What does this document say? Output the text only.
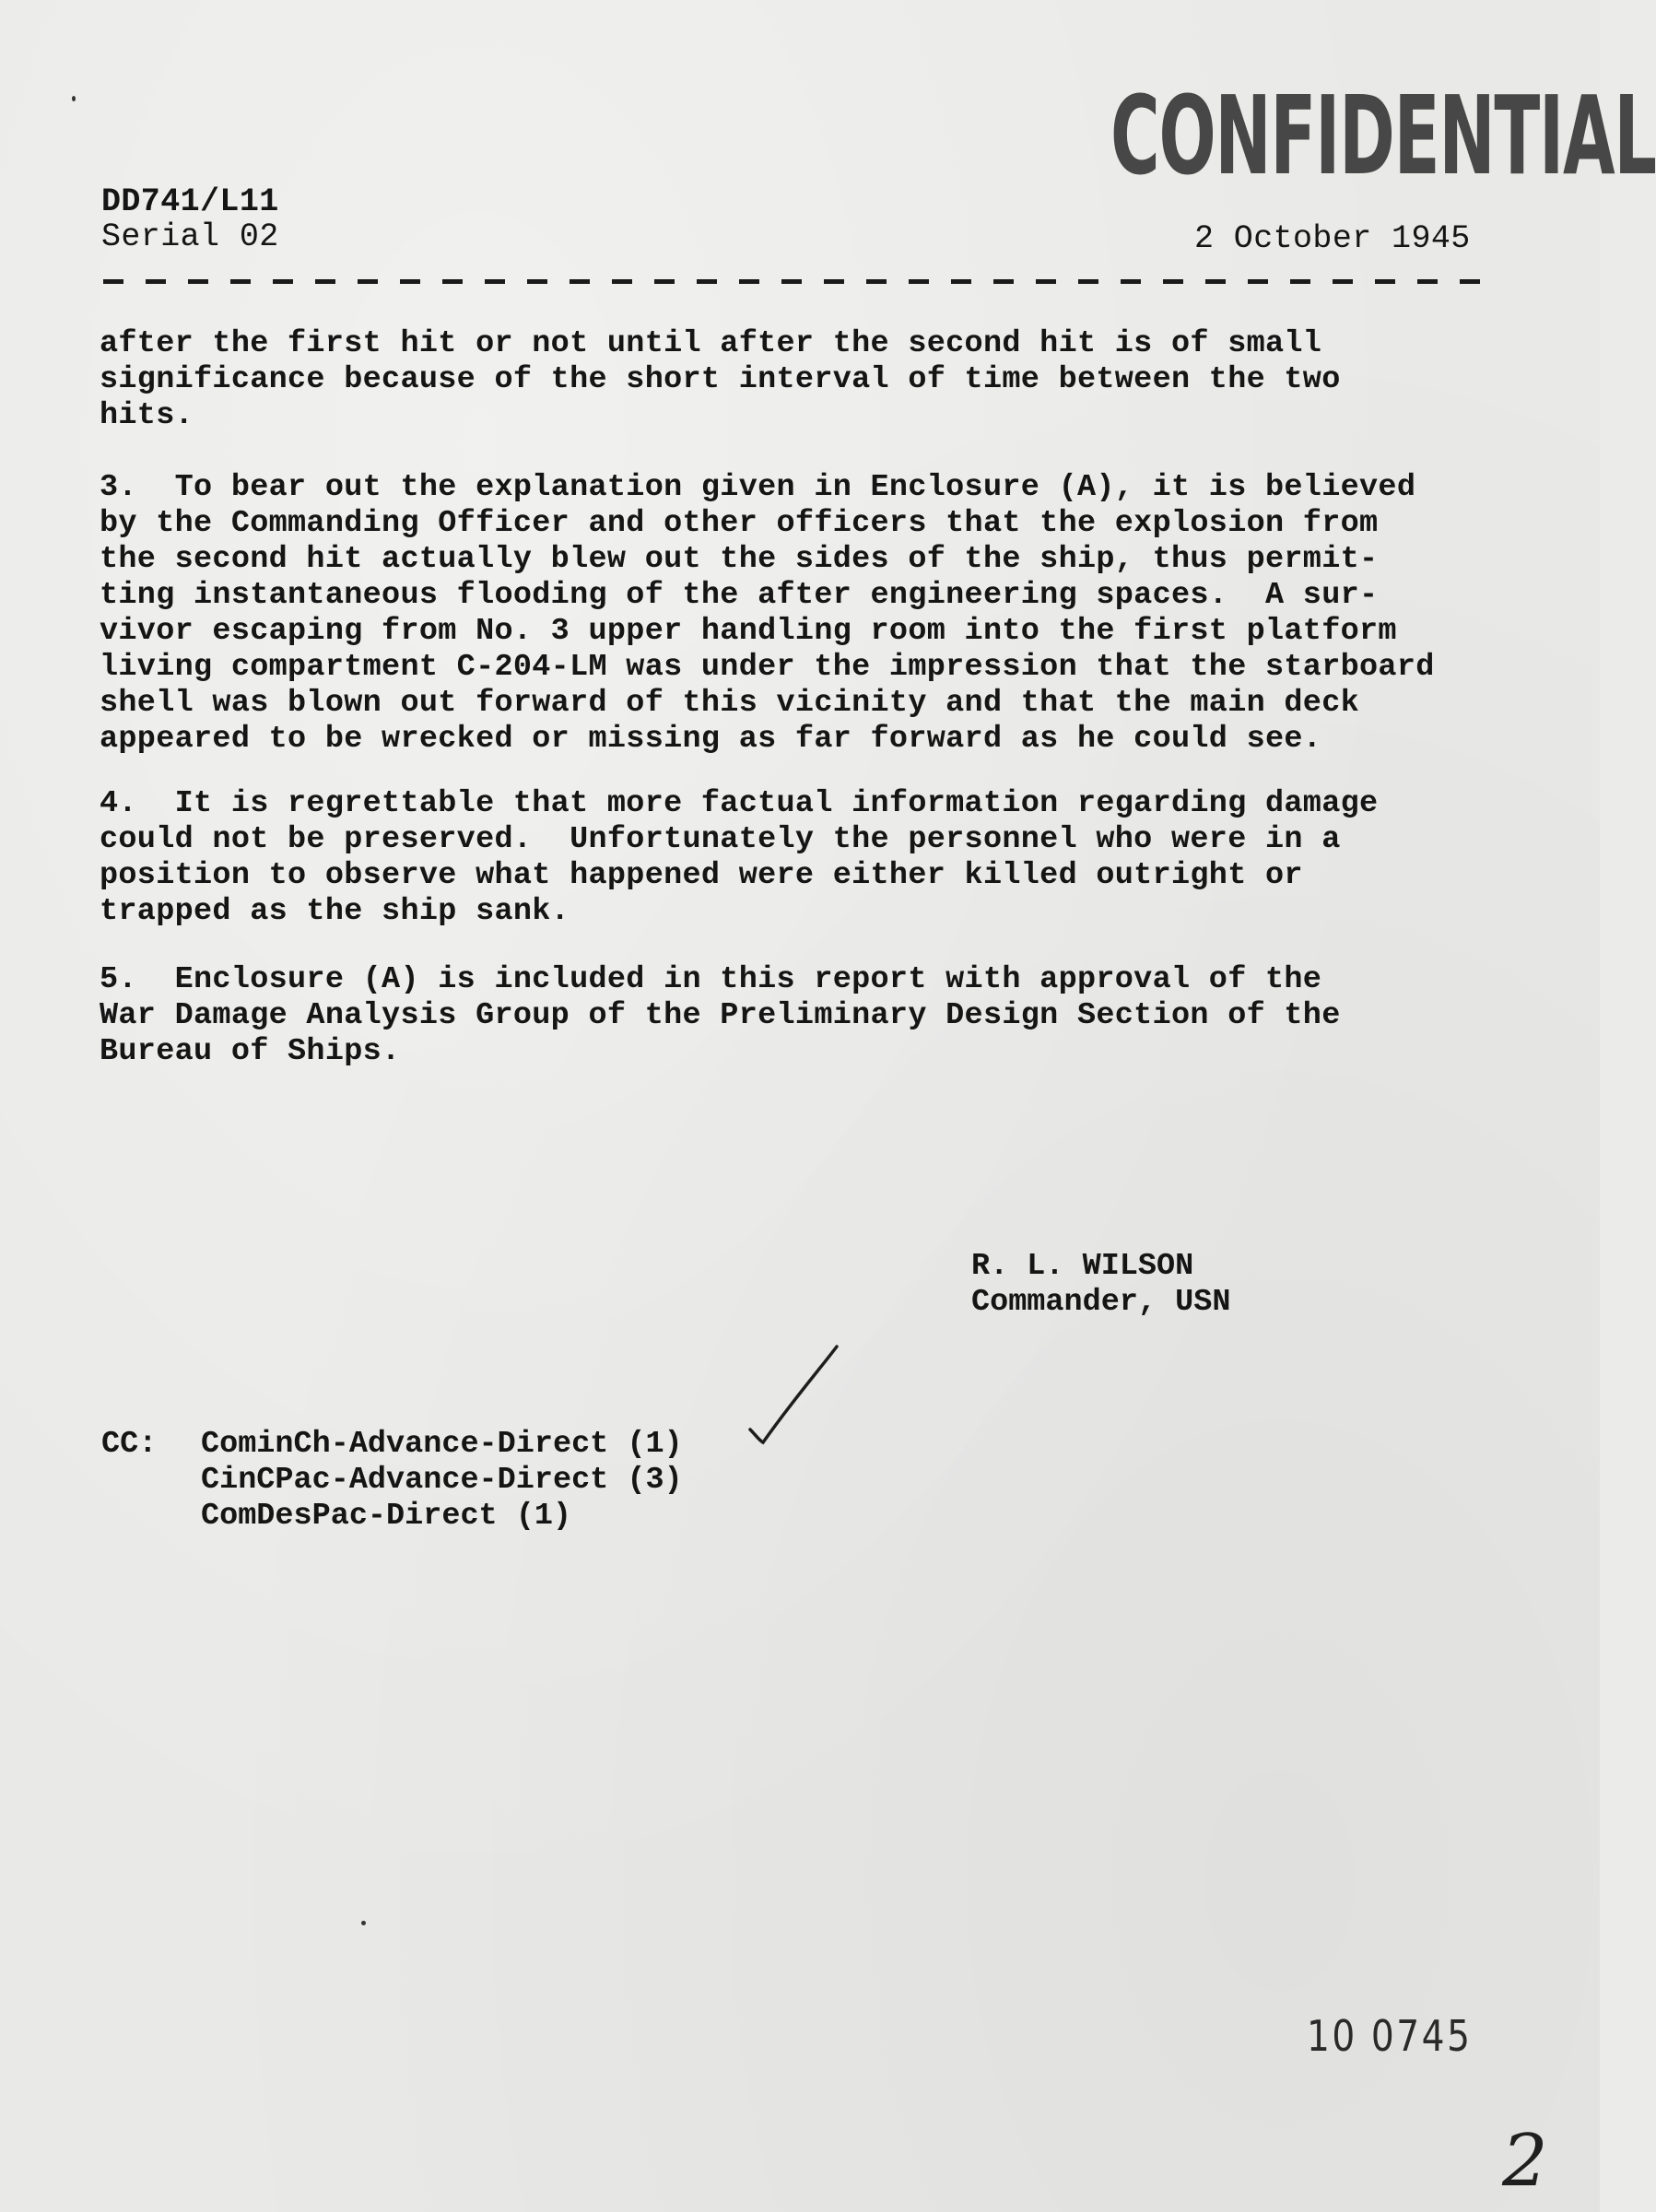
CONFIDENTIAL
DD741/L11
Serial 02	2 October 1945
after the first hit or not until after the second hit is of small
significance because of the short interval of time between the two
hits.
3.  To bear out the explanation given in Enclosure (A), it is believed
by the Commanding Officer and other officers that the explosion from
the second hit actually blew out the sides of the ship, thus permit-
ting instantaneous flooding of the after engineering spaces.  A sur-
vivor escaping from No. 3 upper handling room into the first platform
living compartment C-204-LM was under the impression that the starboard
shell was blown out forward of this vicinity and that the main deck
appeared to be wrecked or missing as far forward as he could see.
4.  It is regrettable that more factual information regarding damage
could not be preserved.  Unfortunately the personnel who were in a
position to observe what happened were either killed outright or
trapped as the ship sank.
5.  Enclosure (A) is included in this report with approval of the
War Damage Analysis Group of the Preliminary Design Section of the
Bureau of Ships.
R. L. WILSON
Commander, USN
CC: CominCh-Advance-Direct (1)
CinCPac-Advance-Direct (3)
ComDesPac-Direct (1)
10 0745
2
